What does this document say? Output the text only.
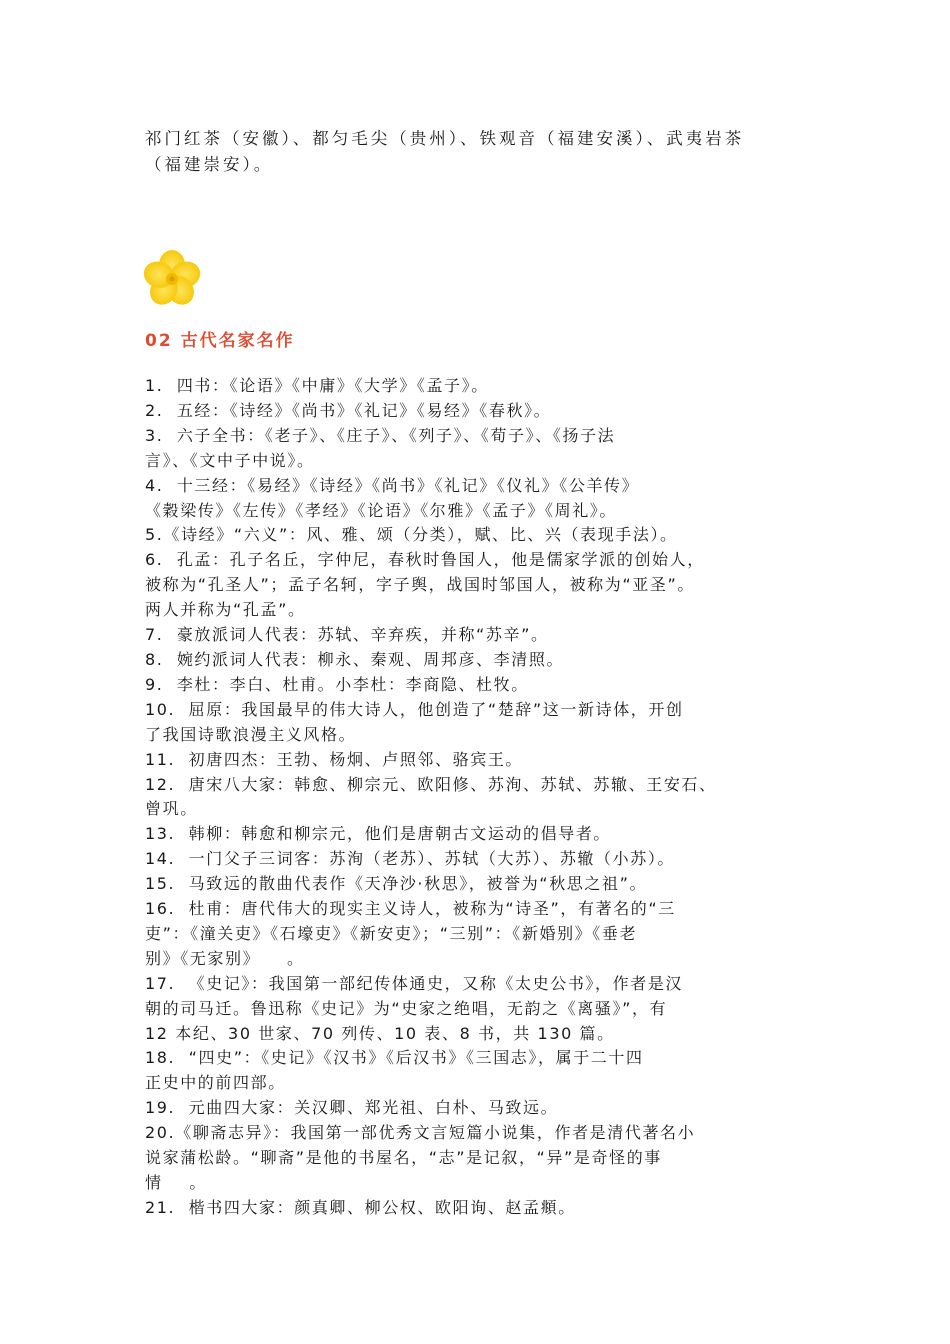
祁门红茶（安徽）、都匀毛尖（贵州）、铁观音（福建安溪）、武夷岩茶

（福建崇安）。

02 古代名家名作

1.  四书：《论语》《中庸》《大学》《孟子》。

2.  五经：《诗经》《尚书》《礼记》《易经》《春秋》。

3.  六子全书：《老子》、《庄子》、《列子》、《荀子》、《扬子法

言》、《文中子中说》。

4.  十三经：《易经》《诗经》《尚书》《礼记》《仪礼》《公羊传》

《穀梁传》《左传》《孝经》《论语》《尔雅》《孟子》《周礼》。

5.《诗经》“六义”：风、雅、颂（分类），赋、比、兴（表现手法）。

6.  孔孟：孔子名丘，字仲尼，春秋时鲁国人，他是儒家学派的创始人，

被称为“孔圣人”；孟子名轲，字子舆，战国时邹国人，被称为“亚圣”。

两人并称为“孔孟”。

7.  豪放派词人代表：苏轼、辛弃疾，并称“苏辛”。

8.  婉约派词人代表：柳永、秦观、周邦彦、李清照。

9.  李杜：李白、杜甫。小李杜：李商隐、杜牧。

10.  屈原：我国最早的伟大诗人，他创造了“楚辞”这一新诗体，开创

了我国诗歌浪漫主义风格。

11.  初唐四杰：王勃、杨炯、卢照邻、骆宾王。

12.  唐宋八大家：韩愈、柳宗元、欧阳修、苏洵、苏轼、苏辙、王安石、

曾巩。

13.  韩柳：韩愈和柳宗元，他们是唐朝古文运动的倡导者。

14.  一门父子三词客：苏洵（老苏）、苏轼（大苏）、苏辙（小苏）。

15.  马致远的散曲代表作《天净沙·秋思》，被誉为“秋思之祖”。

16.  杜甫：唐代伟大的现实主义诗人，被称为“诗圣”，有著名的“三

吏”：《潼关吏》《石壕吏》《新安吏》；“三别”：《新婚别》《垂老

别》《无家别》    。

17.  《史记》：我国第一部纪传体通史，又称《太史公书》，作者是汉

朝的司马迁。鲁迅称《史记》为“史家之绝唱，无韵之《离骚》”，有

12 本纪、30 世家、70 列传、10 表、8 书，共 130 篇。

18.  “四史”：《史记》《汉书》《后汉书》《三国志》，属于二十四

正史中的前四部。

19.  元曲四大家：关汉卿、郑光祖、白朴、马致远。

20.《聊斋志异》：我国第一部优秀文言短篇小说集，作者是清代著名小

说家蒲松龄。“聊斋”是他的书屋名，“志”是记叙，“异”是奇怪的事

情    。

21.  楷书四大家：颜真卿、柳公权、欧阳询、赵孟頫。
